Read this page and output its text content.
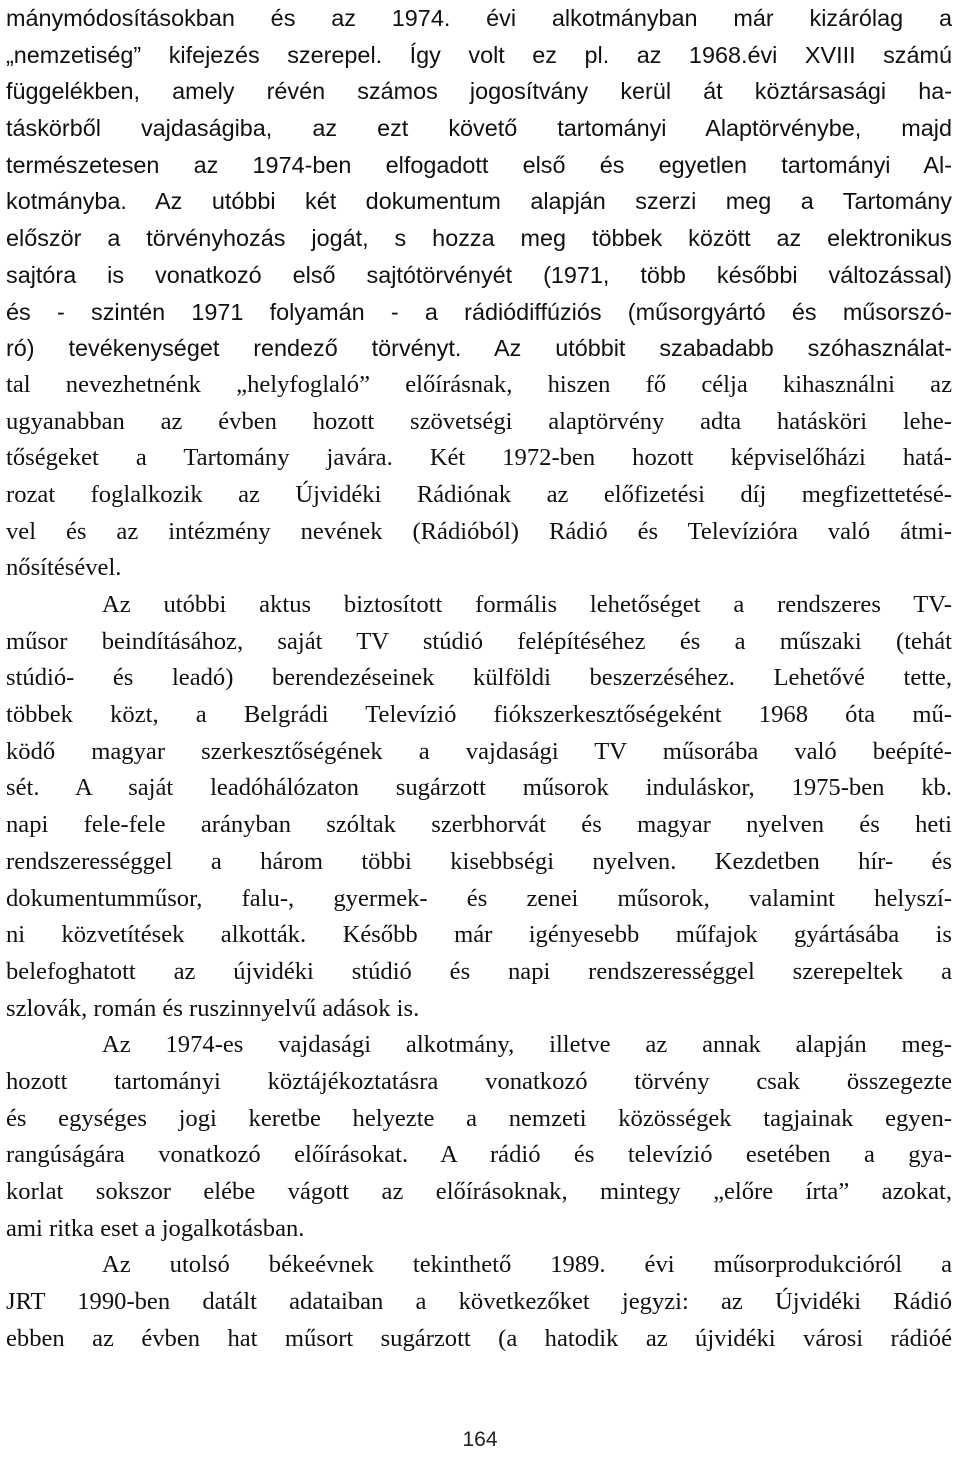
mánymódosításokban és az 1974. évi alkotmányban már kizárólag a
„nemzetiség” kifejezés szerepel. Így volt ez pl. az 1968.évi XVIII számú
függelékben, amely révén számos jogosítvány kerül át köztársasági ha-
táskörből vajdaságiba, az ezt követő tartományi Alaptörvénybe, majd
természetesen az 1974-ben elfogadott első és egyetlen tartományi Al-
kotmányba. Az utóbbi két dokumentum alapján szerzi meg a Tartomány
először a törvényhozás jogát, s hozza meg többek között az elektronikus
sajtóra is vonatkozó első sajtótörvényét (1971, több későbbi változással)
és - szintén 1971 folyamán - a rádiódiffúziós (műsorgyártó és műsorszó-
ró) tevékenységet rendező törvényt. Az utóbbit szabadabb szóhasználat-
tal nevezhetnénk „helyfoglaló” előírásnak, hiszen fő célja kihasználni az
ugyanabban az évben hozott szövetségi alaptörvény adta hatásköri lehe-
tőségeket a Tartomány javára. Két 1972-ben hozott képviselőházi hatá-
rozat foglalkozik az Újvidéki Rádiónak az előfizetési díj megfizettetésé-
vel és az intézmény nevének (Rádióból) Rádió és Televízióra való átmi-
nősítésével.
Az utóbbi aktus biztosított formális lehetőséget a rendszeres TV-
műsor beindításához, saját TV stúdió felépítéséhez és a műszaki (tehát
stúdió- és leadó) berendezéseinek külföldi beszerzéséhez. Lehetővé tette,
többek közt, a Belgrádi Televízió fiókszerkesztőségeként 1968 óta mű-
ködő magyar szerkesztőségének a vajdasági TV műsorába való beépíté-
sét. A saját leadóhálózaton sugárzott műsorok induláskor, 1975-ben kb.
napi fele-fele arányban szóltak szerbhorvát és magyar nyelven és heti
rendszerességgel a három többi kisebbségi nyelven. Kezdetben hír- és
dokumentumműsor, falu-, gyermek- és zenei műsorok, valamint helyszí-
ni közvetítések alkották. Később már igényesebb műfajok gyártásába is
belefoghatott az újvidéki stúdió és napi rendszerességgel szerepeltek a
szlovák, román és ruszinnyelvű adások is.
Az 1974-es vajdasági alkotmány, illetve az annak alapján meg-
hozott tartományi köztájékoztatásra vonatkozó törvény csak összegezte
és egységes jogi keretbe helyezte a nemzeti közösségek tagjainak egyen-
rangúságára vonatkozó előírásokat. A rádió és televízió esetében a gya-
korlat sokszor elébe vágott az előírásoknak, mintegy „előre írta” azokat,
ami ritka eset a jogalkotásban.
Az utolsó békeévnek tekinthető 1989. évi műsorprodukcióról a
JRT 1990-ben datált adataiban a következőket jegyzi: az Újvidéki Rádió
ebben az évben hat műsort sugárzott (a hatodik az újvidéki városi rádióé
164
